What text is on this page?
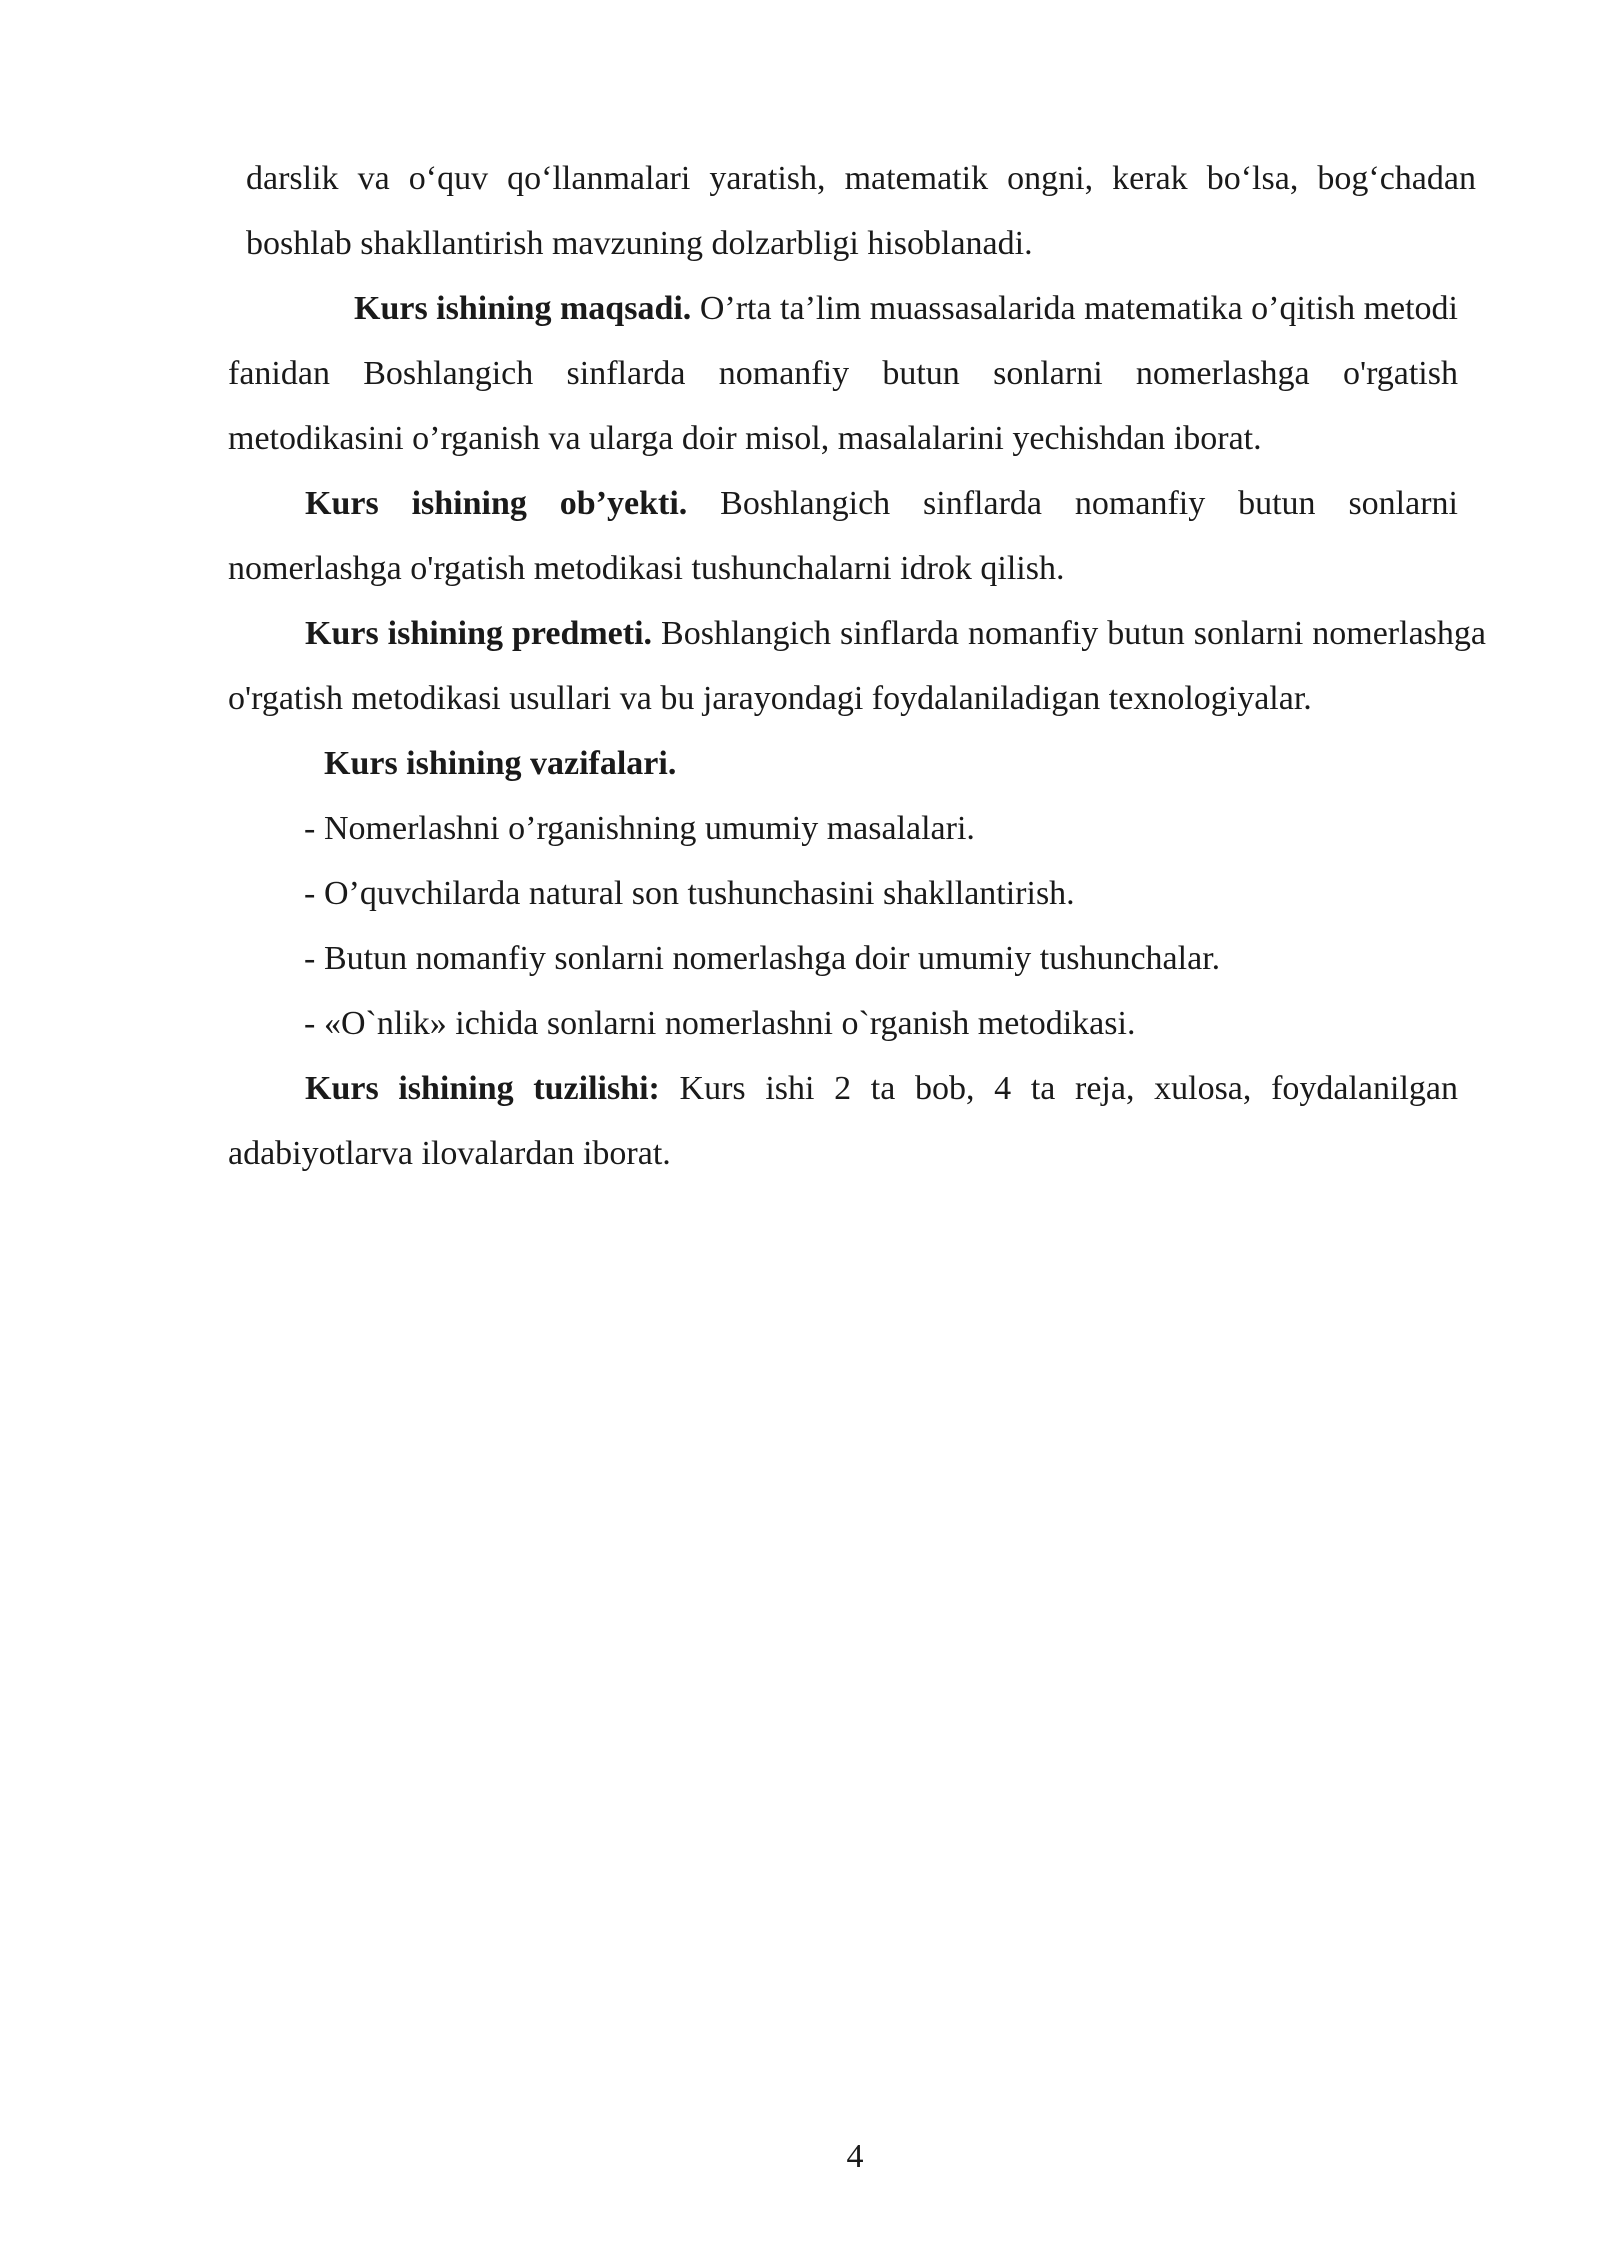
darslik va o‘quv qo‘llanmalari yaratish, matematik ongni, kerak bo‘lsa, bog‘chadan boshlab shakllantirish mavzuning dolzarbligi hisoblanadi.

Kurs ishining maqsadi. O’rta ta’lim muassasalarida matematika o’qitish metodi fanidan Boshlangich sinflarda nomanfiy butun sonlarni nomerlashga o'rgatish metodikasini o’rganish va ularga doir misol, masalalarini yechishdan iborat.

Kurs ishining ob’yekti. Boshlangich sinflarda nomanfiy butun sonlarni nomerlashga o'rgatish metodikasi tushunchalarni idrok qilish.

Kurs ishining predmeti. Boshlangich sinflarda nomanfiy butun sonlarni nomerlashga o'rgatish metodikasi usullari va bu jarayondagi foydalaniladigan texnologiyalar.

Kurs ishining vazifalari.

- Nomerlashni o’rganishning umumiy masalalari.
- O’quvchilarda natural son tushunchasini shakllantirish.
- Butun nomanfiy sonlarni nomerlashga doir umumiy tushunchalar.
- «O`nlik» ichida sonlarni nomerlashni o`rganish metodikasi.

Kurs ishining tuzilishi: Kurs ishi 2 ta bob, 4 ta reja, xulosa, foydalanilgan adabiyotlarva ilovalardan iborat.

4
